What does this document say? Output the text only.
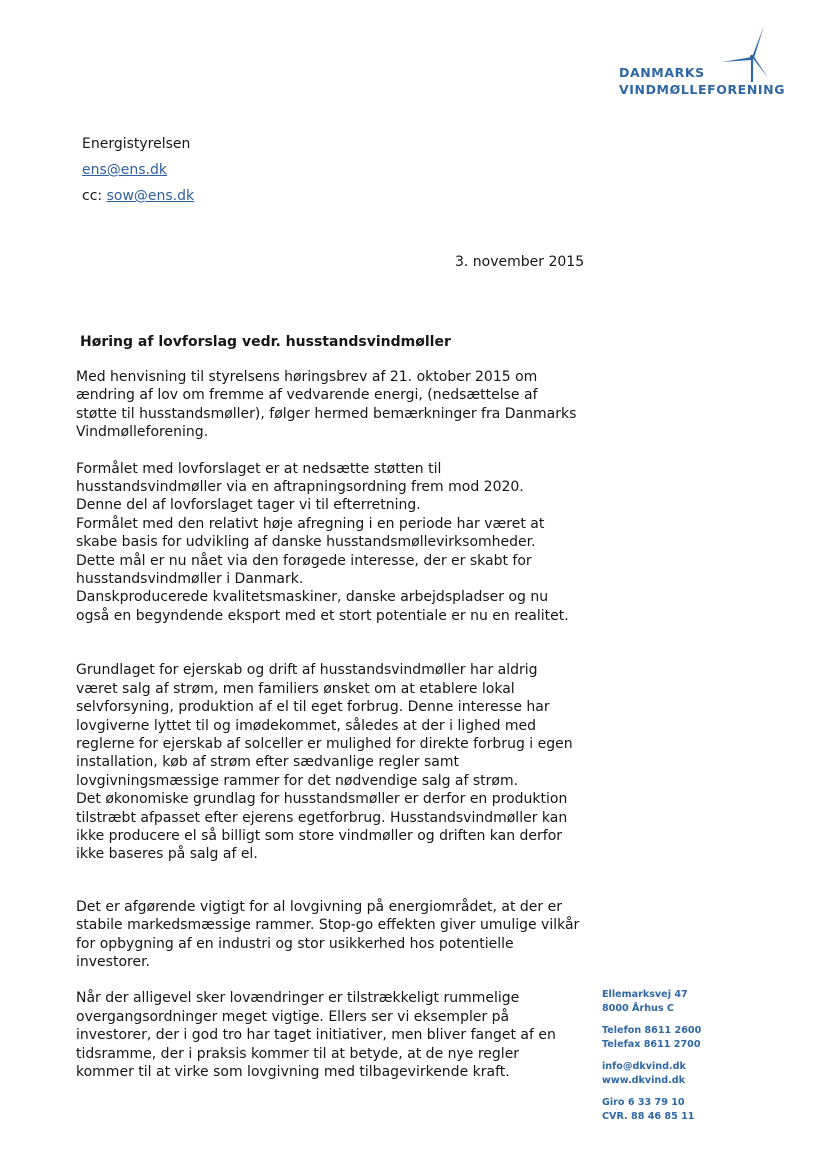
DANMARKS
VINDMØLLEFORENING
Energistyrelsen
ens@ens.dk
cc: sow@ens.dk
3. november 2015
Høring af lovforslag vedr. husstandsvindmøller
Med henvisning til styrelsens høringsbrev af 21. oktober 2015 om
ændring af lov om fremme af vedvarende energi, (nedsættelse af
støtte til husstandsmøller), følger hermed bemærkninger fra Danmarks
Vindmølleforening.
Formålet med lovforslaget er at nedsætte støtten til
husstandsvindmøller via en aftrapningsordning frem mod 2020.
Denne del af lovforslaget tager vi til efterretning.
Formålet med den relativt høje afregning i en periode har været at
skabe basis for udvikling af danske husstandsmøllevirksomheder.
Dette mål er nu nået via den forøgede interesse, der er skabt for
husstandsvindmøller i Danmark.
Danskproducerede kvalitetsmaskiner, danske arbejdspladser og nu
også en begyndende eksport med et stort potentiale er nu en realitet.
Grundlaget for ejerskab og drift af husstandsvindmøller har aldrig
været salg af strøm, men familiers ønsket om at etablere lokal
selvforsyning, produktion af el til eget forbrug. Denne interesse har
lovgiverne lyttet til og imødekommet, således at der i lighed med
reglerne for ejerskab af solceller er mulighed for direkte forbrug i egen
installation, køb af strøm efter sædvanlige regler samt
lovgivningsmæssige rammer for det nødvendige salg af strøm.
Det økonomiske grundlag for husstandsmøller er derfor en produktion
tilstræbt afpasset efter ejerens egetforbrug. Husstandsvindmøller kan
ikke producere el så billigt som store vindmøller og driften kan derfor
ikke baseres på salg af el.
Det er afgørende vigtigt for al lovgivning på energiområdet, at der er
stabile markedsmæssige rammer. Stop-go effekten giver umulige vilkår
for opbygning af en industri og stor usikkerhed hos potentielle
investorer.
Når der alligevel sker lovændringer er tilstrækkeligt rummelige
overgangsordninger meget vigtige. Ellers ser vi eksempler på
investorer, der i god tro har taget initiativer, men bliver fanget af en
tidsramme, der i praksis kommer til at betyde, at de nye regler
kommer til at virke som lovgivning med tilbagevirkende kraft.
Ellemarksvej 47
8000 Århus C
Telefon 8611 2600
Telefax 8611 2700
info@dkvind.dk
www.dkvind.dk
Giro 6 33 79 10
CVR. 88 46 85 11
